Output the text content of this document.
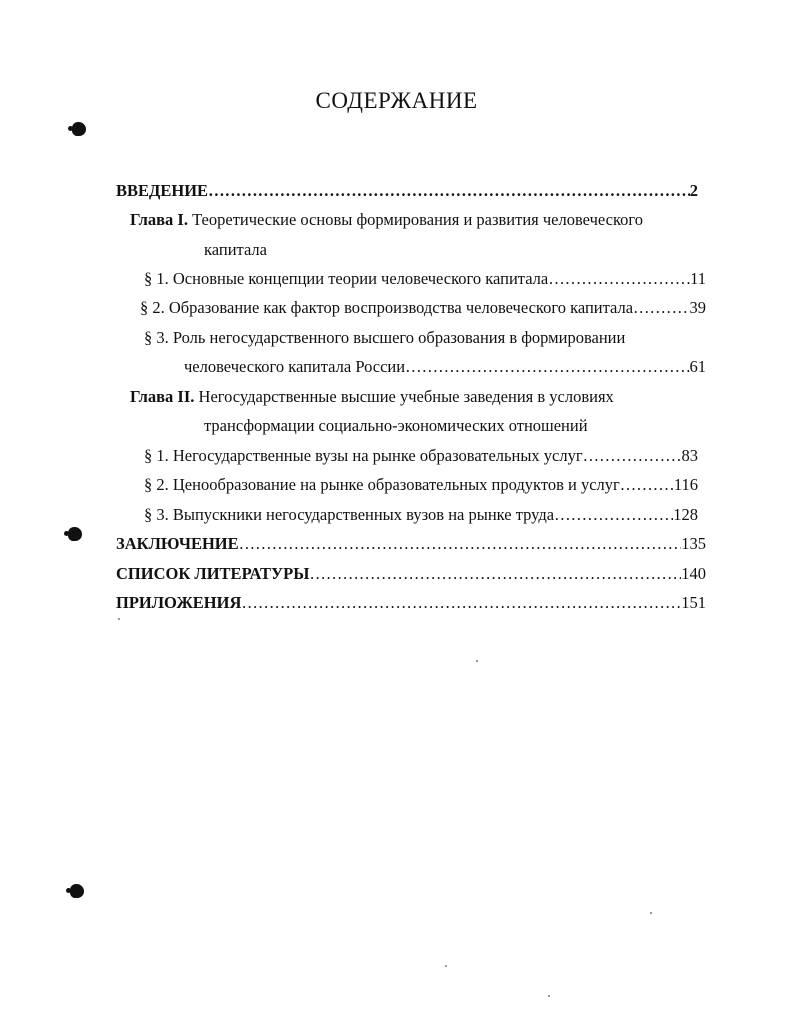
СОДЕРЖАНИЕ
ВВЕДЕНИЕ ………………………………………………………………………………………………………………………………………………………………………	2
Глава I. Теоретические основы формирования и развития человеческого
капитала
§ 1. Основные концепции теории человеческого капитала ………………………………………………………………………………………………………………………………………………………………………	11
§ 2. Образование как фактор воспроизводства человеческого капитала ………………………………………………………………………………………………………………………………………………………………………	39
§ 3. Роль негосударственного высшего образования в формировании
человеческого капитала России ………………………………………………………………………………………………………………………………………………………………………	61
Глава II. Негосударственные высшие учебные заведения в условиях
трансформации социально-экономических отношений
§ 1. Негосударственные вузы на рынке образовательных услуг ………………………………………………………………………………………………………………………………………………………………………	83
§ 2. Ценообразование на рынке образовательных продуктов и услуг ………………………………………………………………………………………………………………………………………………………………………	116
§ 3. Выпускники негосударственных вузов на рынке труда ………………………………………………………………………………………………………………………………………………………………………	128
ЗАКЛЮЧЕНИЕ ………………………………………………………………………………………………………………………………………………………………………	135
СПИСОК ЛИТЕРАТУРЫ ………………………………………………………………………………………………………………………………………………………………………	140
ПРИЛОЖЕНИЯ ………………………………………………………………………………………………………………………………………………………………………	151
